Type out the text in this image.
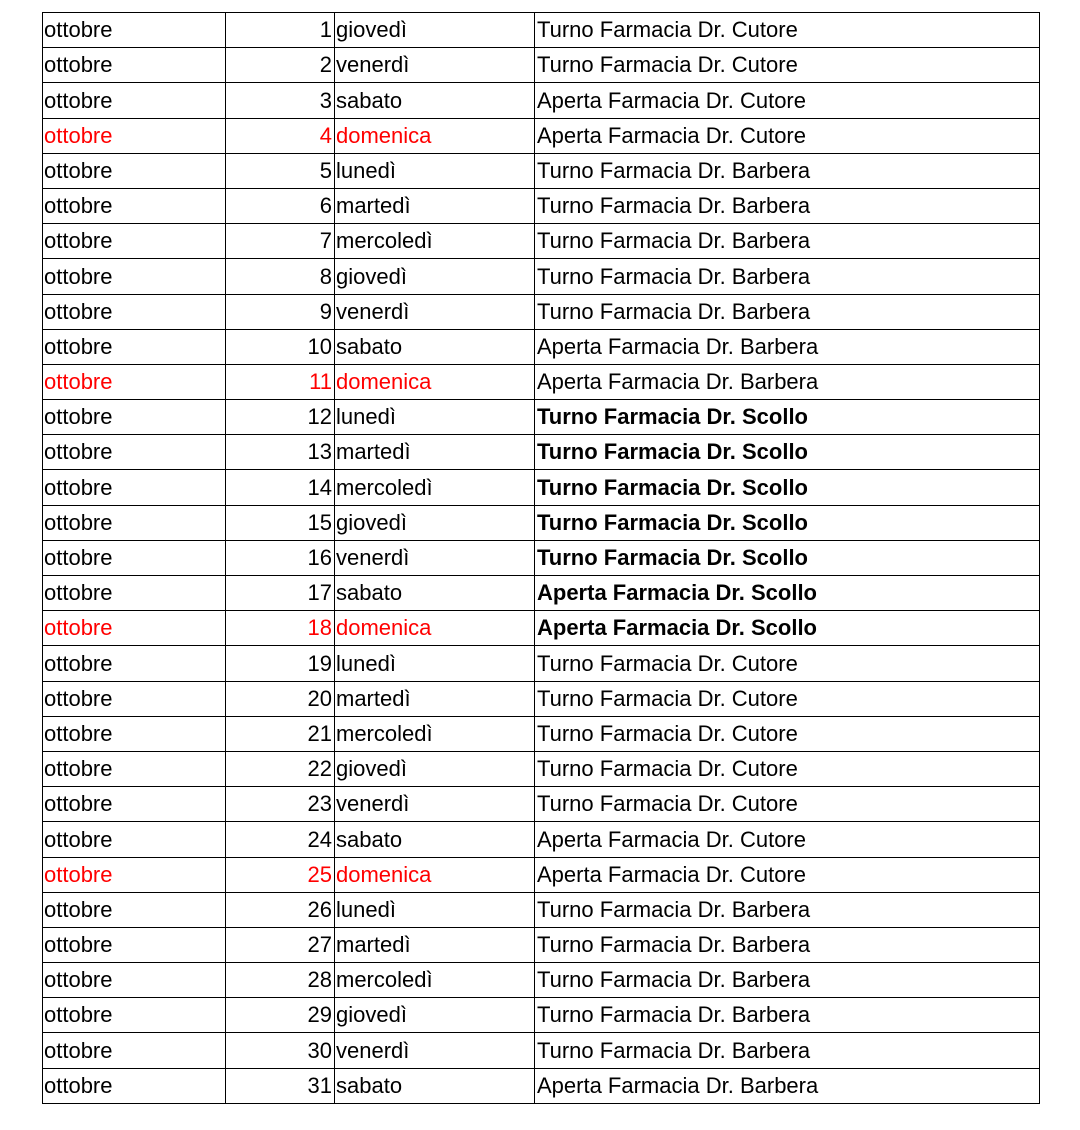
ottobre	1	giovedì	Turno Farmacia Dr. Cutore
ottobre	2	venerdì	Turno Farmacia Dr. Cutore
ottobre	3	sabato	Aperta Farmacia Dr. Cutore
ottobre	4	domenica	Aperta Farmacia Dr. Cutore
ottobre	5	lunedì	Turno Farmacia Dr. Barbera
ottobre	6	martedì	Turno Farmacia Dr. Barbera
ottobre	7	mercoledì	Turno Farmacia Dr. Barbera
ottobre	8	giovedì	Turno Farmacia Dr. Barbera
ottobre	9	venerdì	Turno Farmacia Dr. Barbera
ottobre	10	sabato	Aperta Farmacia Dr. Barbera
ottobre	11	domenica	Aperta Farmacia Dr. Barbera
ottobre	12	lunedì	Turno Farmacia Dr. Scollo
ottobre	13	martedì	Turno Farmacia Dr. Scollo
ottobre	14	mercoledì	Turno Farmacia Dr. Scollo
ottobre	15	giovedì	Turno Farmacia Dr. Scollo
ottobre	16	venerdì	Turno Farmacia Dr. Scollo
ottobre	17	sabato	Aperta Farmacia Dr. Scollo
ottobre	18	domenica	Aperta Farmacia Dr. Scollo
ottobre	19	lunedì	Turno Farmacia Dr. Cutore
ottobre	20	martedì	Turno Farmacia Dr. Cutore
ottobre	21	mercoledì	Turno Farmacia Dr. Cutore
ottobre	22	giovedì	Turno Farmacia Dr. Cutore
ottobre	23	venerdì	Turno Farmacia Dr. Cutore
ottobre	24	sabato	Aperta Farmacia Dr. Cutore
ottobre	25	domenica	Aperta Farmacia Dr. Cutore
ottobre	26	lunedì	Turno Farmacia Dr. Barbera
ottobre	27	martedì	Turno Farmacia Dr. Barbera
ottobre	28	mercoledì	Turno Farmacia Dr. Barbera
ottobre	29	giovedì	Turno Farmacia Dr. Barbera
ottobre	30	venerdì	Turno Farmacia Dr. Barbera
ottobre	31	sabato	Aperta Farmacia Dr. Barbera
